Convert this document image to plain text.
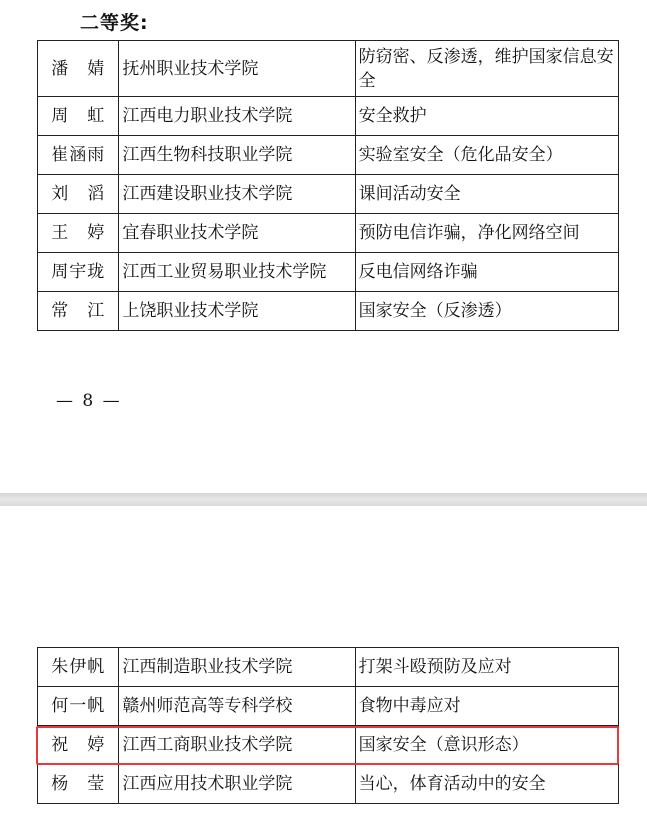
二等奖:
潘　婧	抚州职业技术学院	防窃密、反渗透，维护国家信息安全
周　虹	江西电力职业技术学院	安全救护
崔涵雨	江西生物科技职业学院	实验室安全（危化品安全）
刘　滔	江西建设职业技术学院	课间活动安全
王　婷	宜春职业技术学院	预防电信诈骗，净化网络空间
周宇珑	江西工业贸易职业技术学院	反电信网络诈骗
常　江	上饶职业技术学院	国家安全（反渗透）
— 8 —
朱伊帆	江西制造职业技术学院	打架斗殴预防及应对
何一帆	赣州师范高等专科学校	食物中毒应对
祝　婷	江西工商职业技术学院	国家安全（意识形态）
杨　莹	江西应用技术职业学院	当心，体育活动中的安全
